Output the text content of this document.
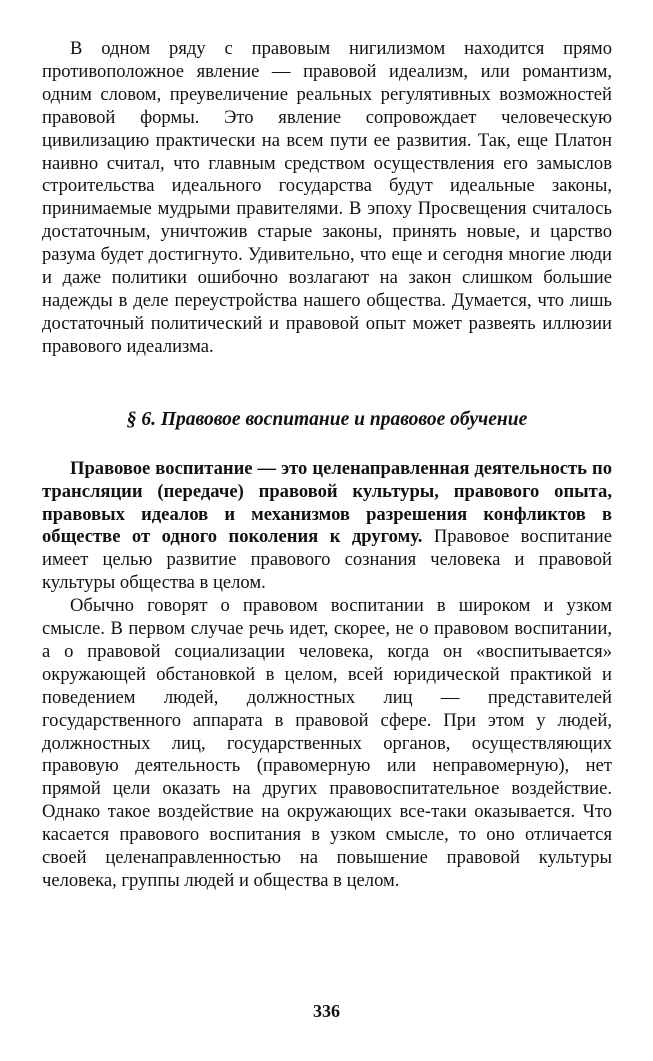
В одном ряду с правовым нигилизмом находится прямо противоположное явление — правовой идеализм, или романтизм, одним словом, преувеличение реальных регулятивных возможностей правовой формы. Это явление сопровождает человеческую цивилизацию практически на всем пути ее развития. Так, еще Платон наивно считал, что главным средством осуществления его замыслов строительства идеального государства будут идеальные законы, принимаемые мудрыми правителями. В эпоху Просвещения считалось достаточным, уничтожив старые законы, принять новые, и царство разума будет достигнуто. Удивительно, что еще и сегодня многие люди и даже политики ошибочно возлагают на закон слишком большие надежды в деле переустройства нашего общества. Думается, что лишь достаточный политический и правовой опыт может развеять иллюзии правового идеализма.

§ 6. Правовое воспитание и правовое обучение

Правовое воспитание — это целенаправленная деятельность по трансляции (передаче) правовой культуры, правового опыта, правовых идеалов и механизмов разрешения конфликтов в обществе от одного поколения к другому. Правовое воспитание имеет целью развитие правового сознания человека и правовой культуры общества в целом.

Обычно говорят о правовом воспитании в широком и узком смысле. В первом случае речь идет, скорее, не о правовом воспитании, а о правовой социализации человека, когда он «воспитывается» окружающей обстановкой в целом, всей юридической практикой и поведением людей, должностных лиц — представителей государственного аппарата в правовой сфере. При этом у людей, должностных лиц, государственных органов, осуществляющих правовую деятельность (правомерную или неправомерную), нет прямой цели оказать на других правовоспитательное воздействие. Однако такое воздействие на окружающих все-таки оказывается. Что касается правового воспитания в узком смысле, то оно отличается своей целенаправленностью на повышение правовой культуры человека, группы людей и общества в целом.

336
